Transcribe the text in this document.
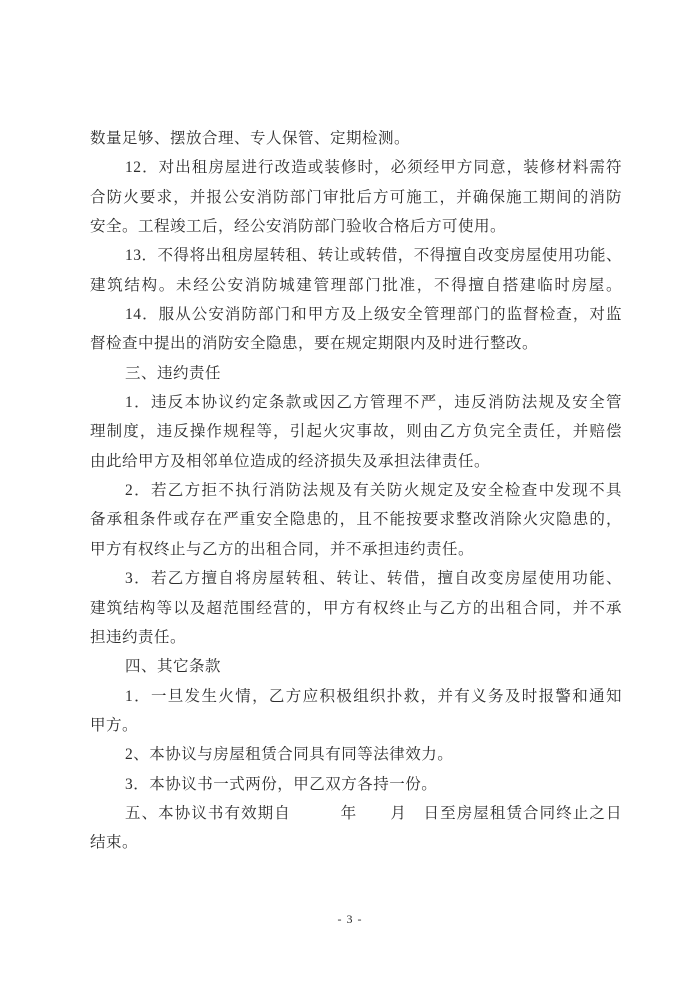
数量足够、摆放合理、专人保管、定期检测。
12．对出租房屋进行改造或装修时，必须经甲方同意，装修材料需符
合防火要求，并报公安消防部门审批后方可施工，并确保施工期间的消防
安全。工程竣工后，经公安消防部门验收合格后方可使用。
13．不得将出租房屋转租、转让或转借，不得擅自改变房屋使用功能、
建筑结构。未经公安消防城建管理部门批准，不得擅自搭建临时房屋。
14．服从公安消防部门和甲方及上级安全管理部门的监督检查，对监
督检查中提出的消防安全隐患，要在规定期限内及时进行整改。
三、违约责任
1．违反本协议约定条款或因乙方管理不严，违反消防法规及安全管
理制度，违反操作规程等，引起火灾事故，则由乙方负完全责任，并赔偿
由此给甲方及相邻单位造成的经济损失及承担法律责任。
2．若乙方拒不执行消防法规及有关防火规定及安全检查中发现不具
备承租条件或存在严重安全隐患的，且不能按要求整改消除火灾隐患的，
甲方有权终止与乙方的出租合同，并不承担违约责任。
3．若乙方擅自将房屋转租、转让、转借，擅自改变房屋使用功能、
建筑结构等以及超范围经营的，甲方有权终止与乙方的出租合同，并不承
担违约责任。
四、其它条款
1．一旦发生火情，乙方应积极组织扑救，并有义务及时报警和通知
甲方。
2、本协议与房屋租赁合同具有同等法律效力。
3．本协议书一式两份，甲乙双方各持一份。
五、本协议书有效期自　　　年　　月　日至房屋租赁合同终止之日
结束。
- 3 -
